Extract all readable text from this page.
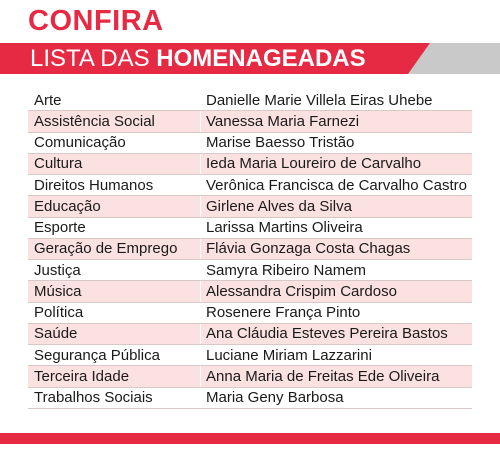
CONFIRA
LISTA DAS HOMENAGEADAS
Arte	Danielle Marie Villela Eiras Uhebe
Assistência Social	Vanessa Maria Farnezi
Comunicação	Marise Baesso Tristão
Cultura	Ieda Maria Loureiro de Carvalho
Direitos Humanos	Verônica Francisca de Carvalho Castro
Educação	Girlene Alves da Silva
Esporte	Larissa Martins Oliveira
Geração de Emprego	Flávia Gonzaga Costa Chagas
Justiça	Samyra Ribeiro Namem
Música	Alessandra Crispim Cardoso
Política	Rosenere França Pinto
Saúde	Ana Cláudia Esteves Pereira Bastos
Segurança Pública	Luciane Miriam Lazzarini
Terceira Idade	Anna Maria de Freitas Ede Oliveira
Trabalhos Sociais	Maria Geny Barbosa
